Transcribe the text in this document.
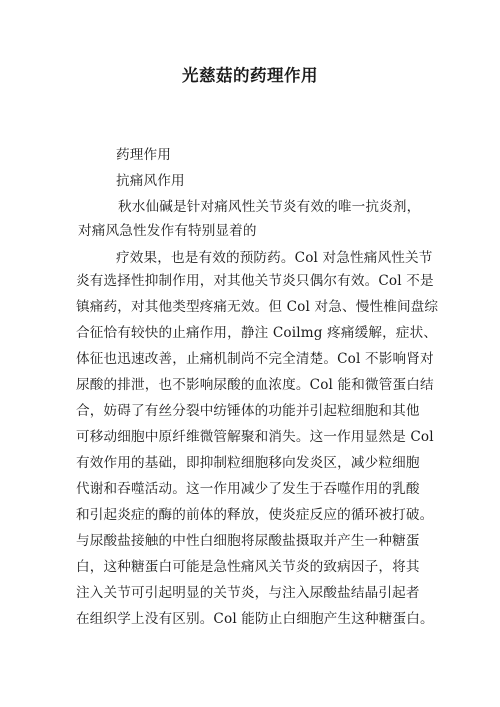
光慈菇的药理作用
药理作用
抗痛风作用
秋水仙碱是针对痛风性关节炎有效的唯一抗炎剂，
对痛风急性发作有特别显着的
疗效果，也是有效的预防药。Col 对急性痛风性关节
炎有选择性抑制作用，对其他关节炎只偶尔有效。Col 不是
镇痛药，对其他类型疼痛无效。但 Col 对急、慢性椎间盘综
合征恰有较快的止痛作用，静注 Coilmg 疼痛缓解，症状、
体征也迅速改善，止痛机制尚不完全清楚。Col 不影响肾对
尿酸的排泄，也不影响尿酸的血浓度。Col 能和微管蛋白结
合，妨碍了有丝分裂中纺锤体的功能并引起粒细胞和其他
可移动细胞中原纤维微管解聚和消失。这一作用显然是 Col
有效作用的基础，即抑制粒细胞移向发炎区，减少粒细胞
代谢和吞噬活动。这一作用减少了发生于吞噬作用的乳酸
和引起炎症的酶的前体的释放，使炎症反应的循环被打破。
与尿酸盐接触的中性白细胞将尿酸盐摄取并产生一种糖蛋
白，这种糖蛋白可能是急性痛风关节炎的致病因子，将其
注入关节可引起明显的关节炎，与注入尿酸盐结晶引起者
在组织学上没有区别。Col 能防止白细胞产生这种糖蛋白。
